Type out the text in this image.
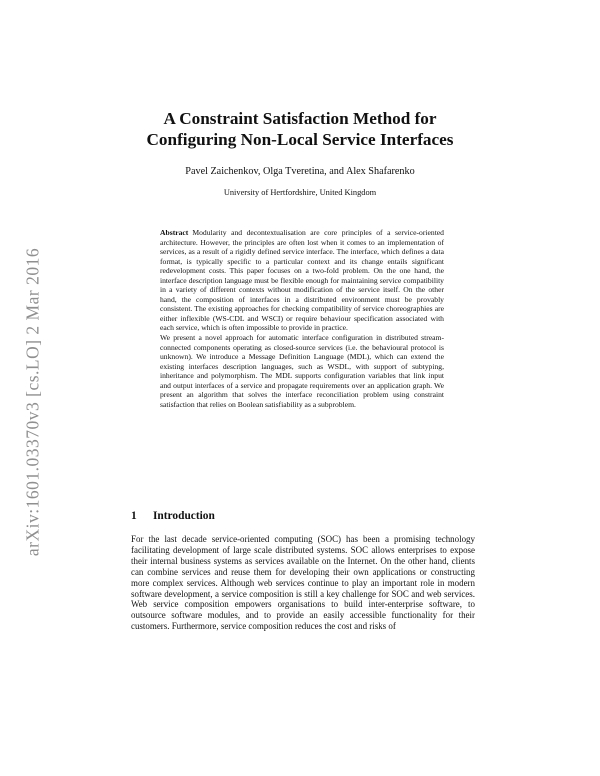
arXiv:1601.03370v3 [cs.LO] 2 Mar 2016
A Constraint Satisfaction Method for
Configuring Non-Local Service Interfaces
Pavel Zaichenkov, Olga Tveretina, and Alex Shafarenko
University of Hertfordshire, United Kingdom

Abstract Modularity and decontextualisation are core principles of a service-oriented architecture. However, the principles are often lost when it comes to an implementation of services, as a result of a rigidly defined service interface. The interface, which defines a data format, is typically specific to a particular context and its change entails significant redevelopment costs. This paper focuses on a two-fold problem. On the one hand, the interface description language must be flexible enough for maintaining service compatibility in a variety of different contexts without modification of the service itself. On the other hand, the composition of interfaces in a distributed environment must be provably consistent. The existing approaches for checking compatibility of service choreographies are either inflexible (WS-CDL and WSCI) or require behaviour specification associated with each service, which is often impossible to provide in practice.

We present a novel approach for automatic interface configuration in distributed stream-connected components operating as closed-source services (i.e. the behavioural protocol is unknown). We introduce a Message Definition Language (MDL), which can extend the existing interfaces description languages, such as WSDL, with support of subtyping, inheritance and polymorphism. The MDL supports configuration variables that link input and output interfaces of a service and propagate requirements over an application graph. We present an algorithm that solves the interface reconciliation problem using constraint satisfaction that relies on Boolean satisfiability as a subproblem.

1 Introduction

For the last decade service-oriented computing (SOC) has been a promising technology facilitating development of large scale distributed systems. SOC allows enterprises to expose their internal business systems as services available on the Internet. On the other hand, clients can combine services and reuse them for developing their own applications or constructing more complex services. Although web services continue to play an important role in modern software development, a service composition is still a key challenge for SOC and web services. Web service composition empowers organisations to build inter-enterprise software, to outsource software modules, and to provide an easily accessible functionality for their customers. Furthermore, service composition reduces the cost and risks of
